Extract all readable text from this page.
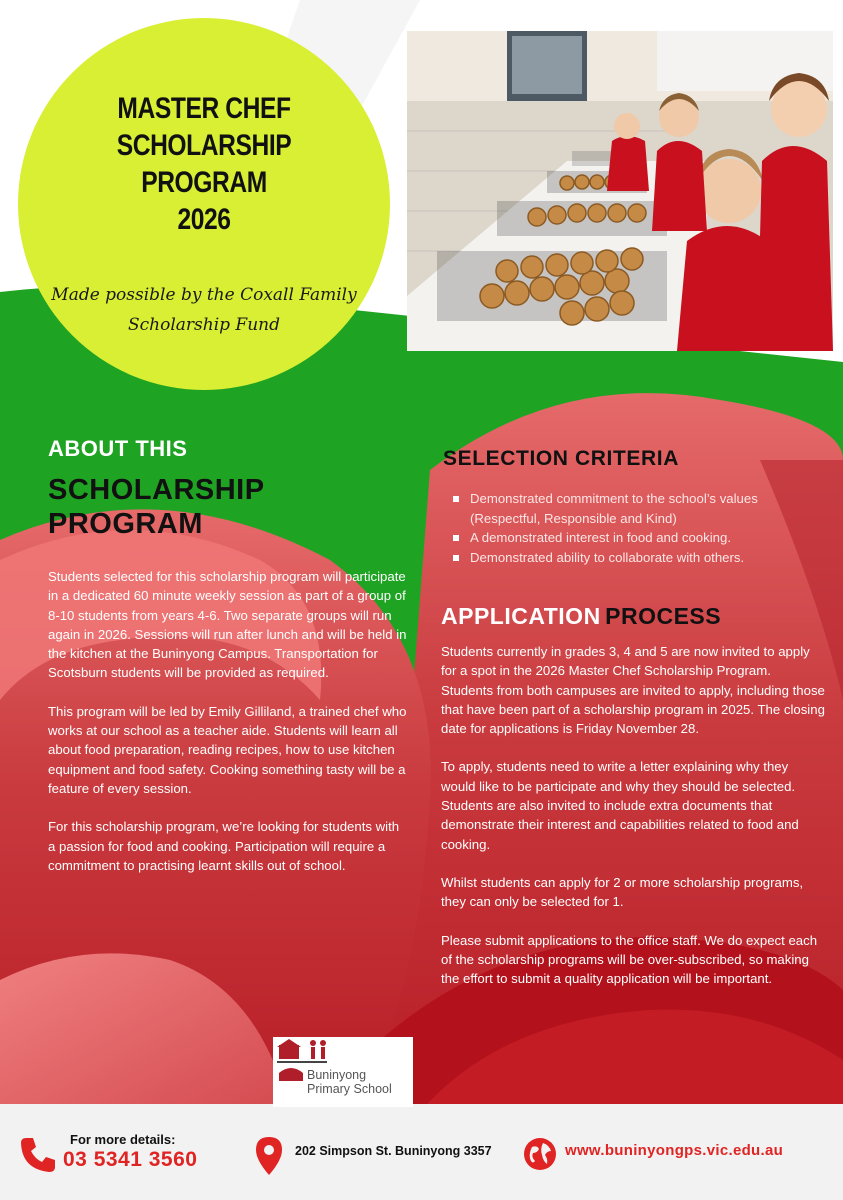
MASTER CHEF
SCHOLARSHIP
PROGRAM
2026
Made possible by the Coxall Family Scholarship Fund
ABOUT THIS
SCHOLARSHIP
PROGRAM

Students selected for this scholarship program will participate in a dedicated 60 minute weekly session as part of a group of 8-10 students from years 4-6. Two separate groups will run again in 2026. Sessions will run after lunch and will be held in the kitchen at the Buninyong Campus. Transportation for Scotsburn students will be provided as required.

This program will be led by Emily Gilliland, a trained chef who works at our school as a teacher aide. Students will learn all about food preparation, reading recipes, how to use kitchen equipment and food safety. Cooking something tasty will be a feature of every session.

For this scholarship program, we’re looking for students with a passion for food and cooking. Participation will require a commitment to practising learnt skills out of school.

SELECTION CRITERIA
Demonstrated commitment to the school’s values (Respectful, Responsible and Kind)
A demonstrated interest in food and cooking.
Demonstrated ability to collaborate with others.
APPLICATION PROCESS

Students currently in grades 3, 4 and 5 are now invited to apply for a spot in the 2026 Master Chef Scholarship Program. Students from both campuses are invited to apply, including those that have been part of a scholarship program in 2025. The closing date for applications is Friday November 28.

To apply, students need to write a letter explaining why they would like to be participate and why they should be selected. Students are also invited to include extra documents that demonstrate their interest and capabilities related to food and cooking.

Whilst students can apply for 2 or more scholarship programs, they can only be selected for 1.

Please submit applications to the office staff. We do expect each of the scholarship programs will be over-subscribed, so making the effort to submit a quality application will be important.

Buninyong
Primary School
For more details:
03 5341 3560	202 Simpson St. Buninyong 3357	www.buninyongps.vic.edu.au
